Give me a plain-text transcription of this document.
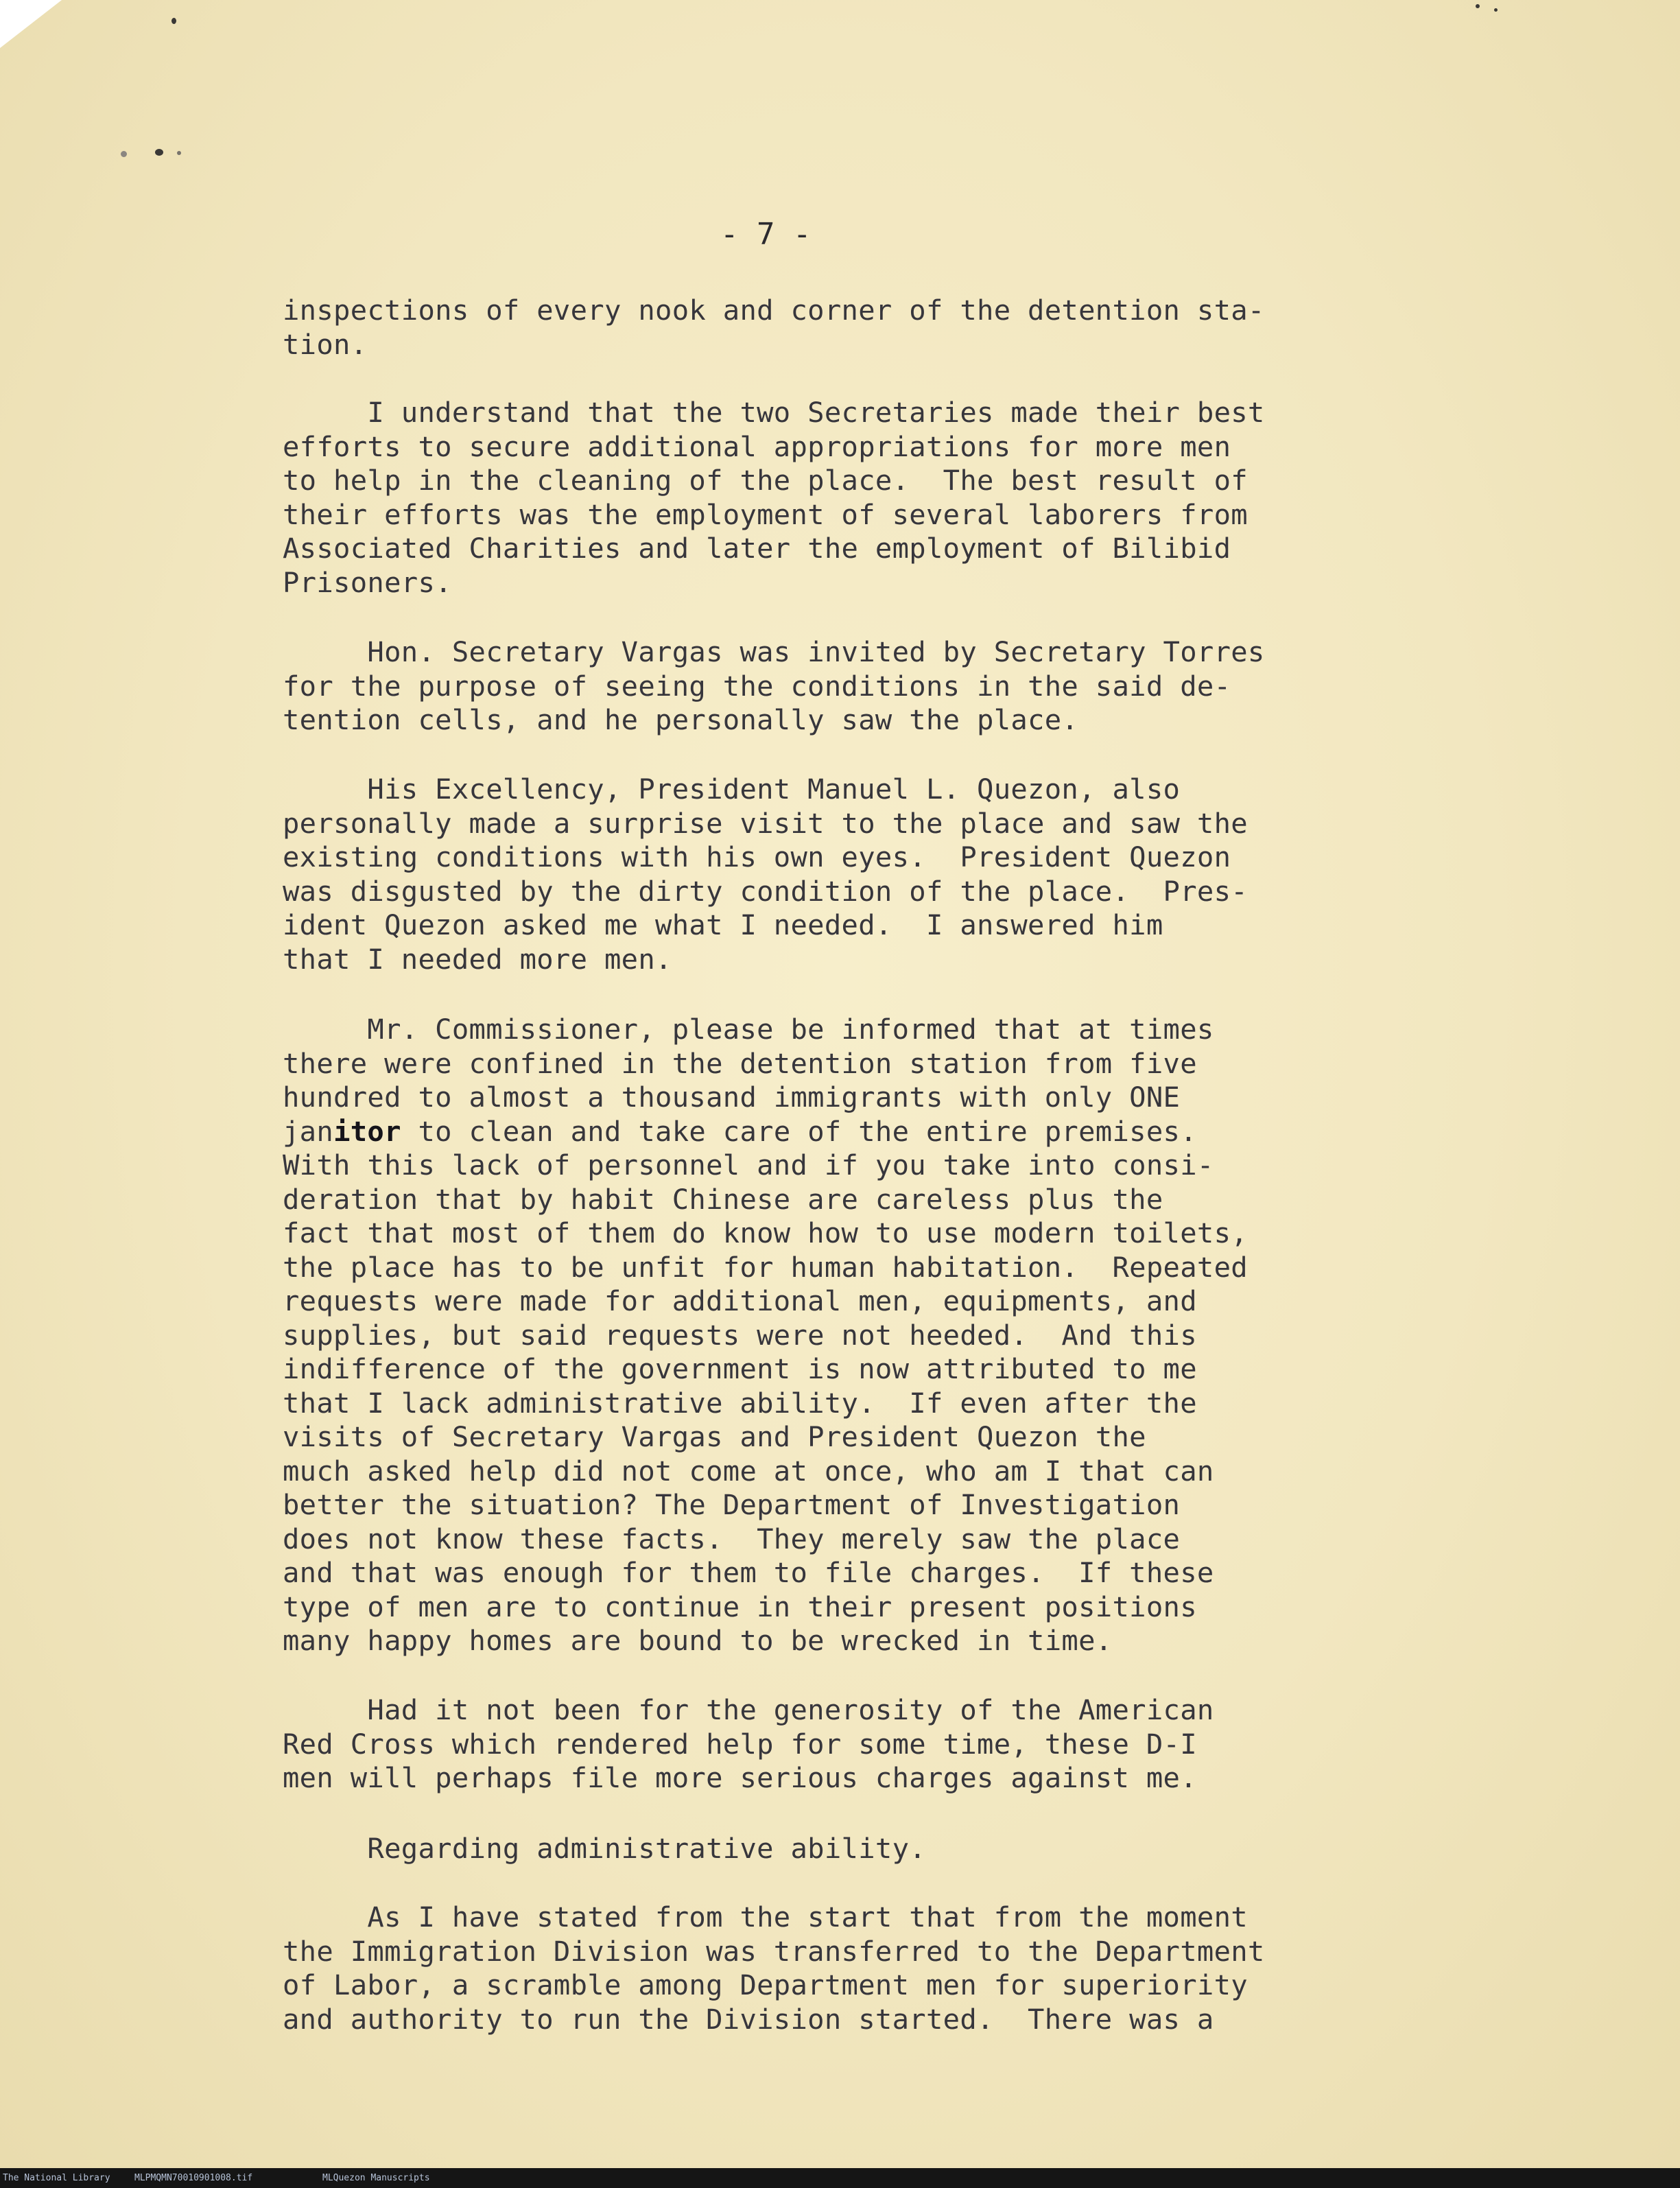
- 7 -
inspections of every nook and corner of the detention sta-
tion.
I understand that the two Secretaries made their best
efforts to secure additional appropriations for more men
to help in the cleaning of the place.  The best result of
their efforts was the employment of several laborers from
Associated Charities and later the employment of Bilibid
Prisoners.
Hon. Secretary Vargas was invited by Secretary Torres
for the purpose of seeing the conditions in the said de-
tention cells, and he personally saw the place.
His Excellency, President Manuel L. Quezon, also
personally made a surprise visit to the place and saw the
existing conditions with his own eyes.  President Quezon
was disgusted by the dirty condition of the place.  Pres-
ident Quezon asked me what I needed.  I answered him
that I needed more men.
Mr. Commissioner, please be informed that at times
there were confined in the detention station from five
hundred to almost a thousand immigrants with only ONE
janitor to clean and take care of the entire premises.
With this lack of personnel and if you take into consi-
deration that by habit Chinese are careless plus the
fact that most of them do know how to use modern toilets,
the place has to be unfit for human habitation.  Repeated
requests were made for additional men, equipments, and
supplies, but said requests were not heeded.  And this
indifference of the government is now attributed to me
that I lack administrative ability.  If even after the
visits of Secretary Vargas and President Quezon the
much asked help did not come at once, who am I that can
better the situation? The Department of Investigation
does not know these facts.  They merely saw the place
and that was enough for them to file charges.  If these
type of men are to continue in their present positions
many happy homes are bound to be wrecked in time.
Had it not been for the generosity of the American
Red Cross which rendered help for some time, these D-I
men will perhaps file more serious charges against me.
Regarding administrative ability.
As I have stated from the start that from the moment
the Immigration Division was transferred to the Department
of Labor, a scramble among Department men for superiority
and authority to run the Division started.  There was a
The National Library	MLPMQMN70010901008.tif	MLQuezon Manuscripts
